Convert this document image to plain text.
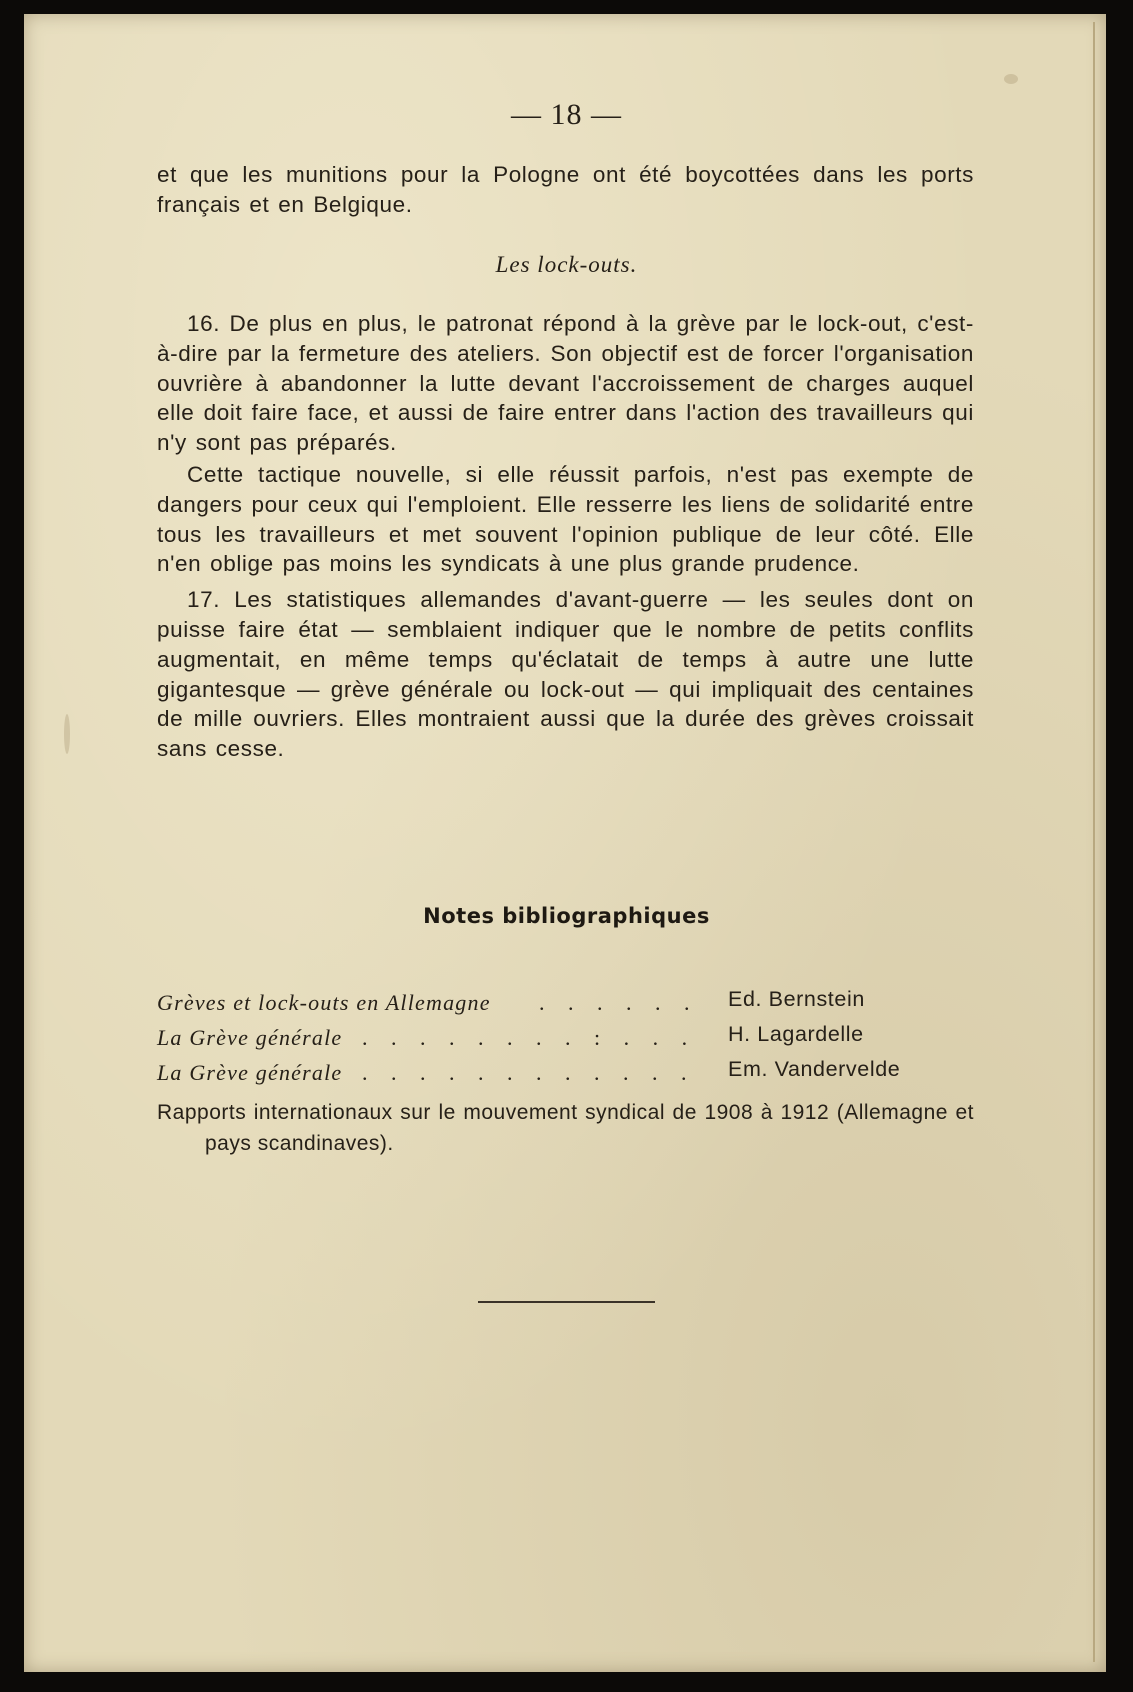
— 18 —
et que les munitions pour la Pologne ont été boycottées dans les ports français et en Belgique.
Les lock-outs.

16. De plus en plus, le patronat répond à la grève par le lock-out, c'est-à-dire par la fermeture des ateliers. Son objectif est de forcer l'organisation ouvrière à abandonner la lutte devant l'accroissement de charges auquel elle doit faire face, et aussi de faire entrer dans l'action des travailleurs qui n'y sont pas préparés.

Cette tactique nouvelle, si elle réussit parfois, n'est pas exempte de dangers pour ceux qui l'emploient. Elle resserre les liens de solidarité entre tous les travailleurs et met souvent l'opinion publique de leur côté. Elle n'en oblige pas moins les syndicats à une plus grande prudence.

17. Les statistiques allemandes d'avant-guerre — les seules dont on puisse faire état — semblaient indiquer que le nombre de petits conflits augmentait, en même temps qu'éclatait de temps à autre une lutte gigantesque — grève générale ou lock-out — qui impliquait des centaines de mille ouvriers. Elles montraient aussi que la durée des grèves croissait sans cesse.

Notes bibliographiques
Grèves et lock-outs en Allemagne . . . . . . Ed. Bernstein
La Grève générale . . . . . . . . : . . . H. Lagardelle
La Grève générale . . . . . . . . . . . . Em. Vandervelde
Rapports internationaux sur le mouvement syndical de 1908 à 1912 (Allemagne et pays scandinaves).
